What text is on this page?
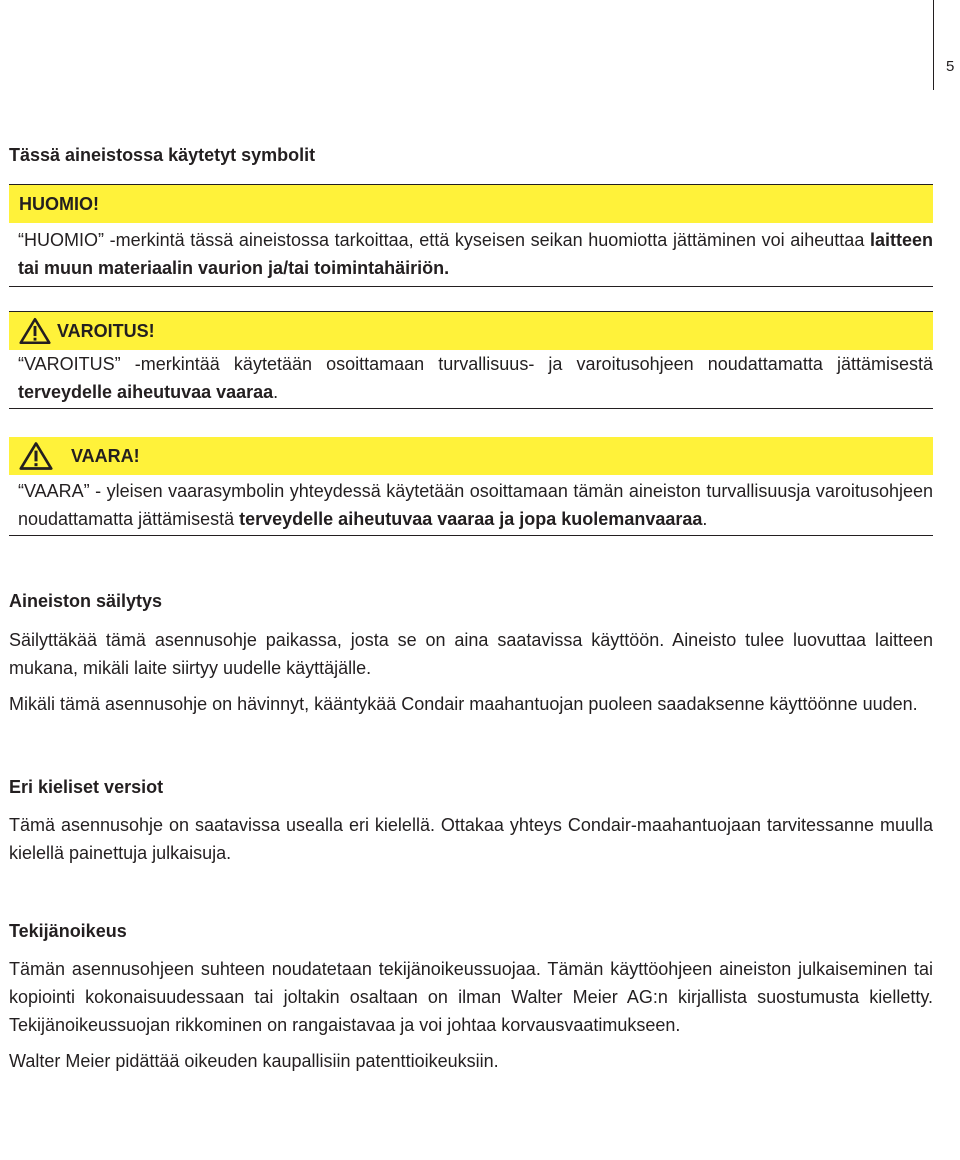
5
Tässä aineistossa käytetyt symbolit
HUOMIO!
“HUOMIO” -merkintä tässä aineistossa tarkoittaa, että kyseisen seikan huomiotta jättäminen voi aiheuttaa laitteen tai muun materiaalin vaurion ja/tai toimintahäiriön.
VAROITUS!
“VAROITUS” -merkintää käytetään osoittamaan turvallisuus- ja varoitusohjeen noudattamatta jättämisestä terveydelle aiheutuvaa vaaraa.
VAARA!
“VAARA” - yleisen vaarasymbolin yhteydessä käytetään osoittamaan tämän aineiston turvallisuusja varoitusohjeen noudattamatta jättämisestä terveydelle aiheutuvaa vaaraa ja jopa kuolemanvaaraa.
Aineiston säilytys

Säilyttäkää tämä asennusohje paikassa, josta se on aina saatavissa käyttöön. Aineisto tulee luovuttaa laitteen mukana, mikäli laite siirtyy uudelle käyttäjälle.

Mikäli tämä asennusohje on hävinnyt, kääntykää Condair maahantuojan puoleen saadaksenne käyttöönne uuden.

Eri kieliset versiot

Tämä asennusohje on saatavissa usealla eri kielellä. Ottakaa yhteys Condair-maahantuojaan tarvitessanne muulla kielellä painettuja julkaisuja.

Tekijänoikeus

Tämän asennusohjeen suhteen noudatetaan tekijänoikeussuojaa. Tämän käyttöohjeen aineiston julkaiseminen tai kopiointi kokonaisuudessaan tai joltakin osaltaan on ilman Walter Meier AG:n kirjallista suostumusta kielletty. Tekijänoikeussuojan rikkominen on rangaistavaa ja voi johtaa korvausvaatimukseen.

Walter Meier pidättää oikeuden kaupallisiin patenttioikeuksiin.
